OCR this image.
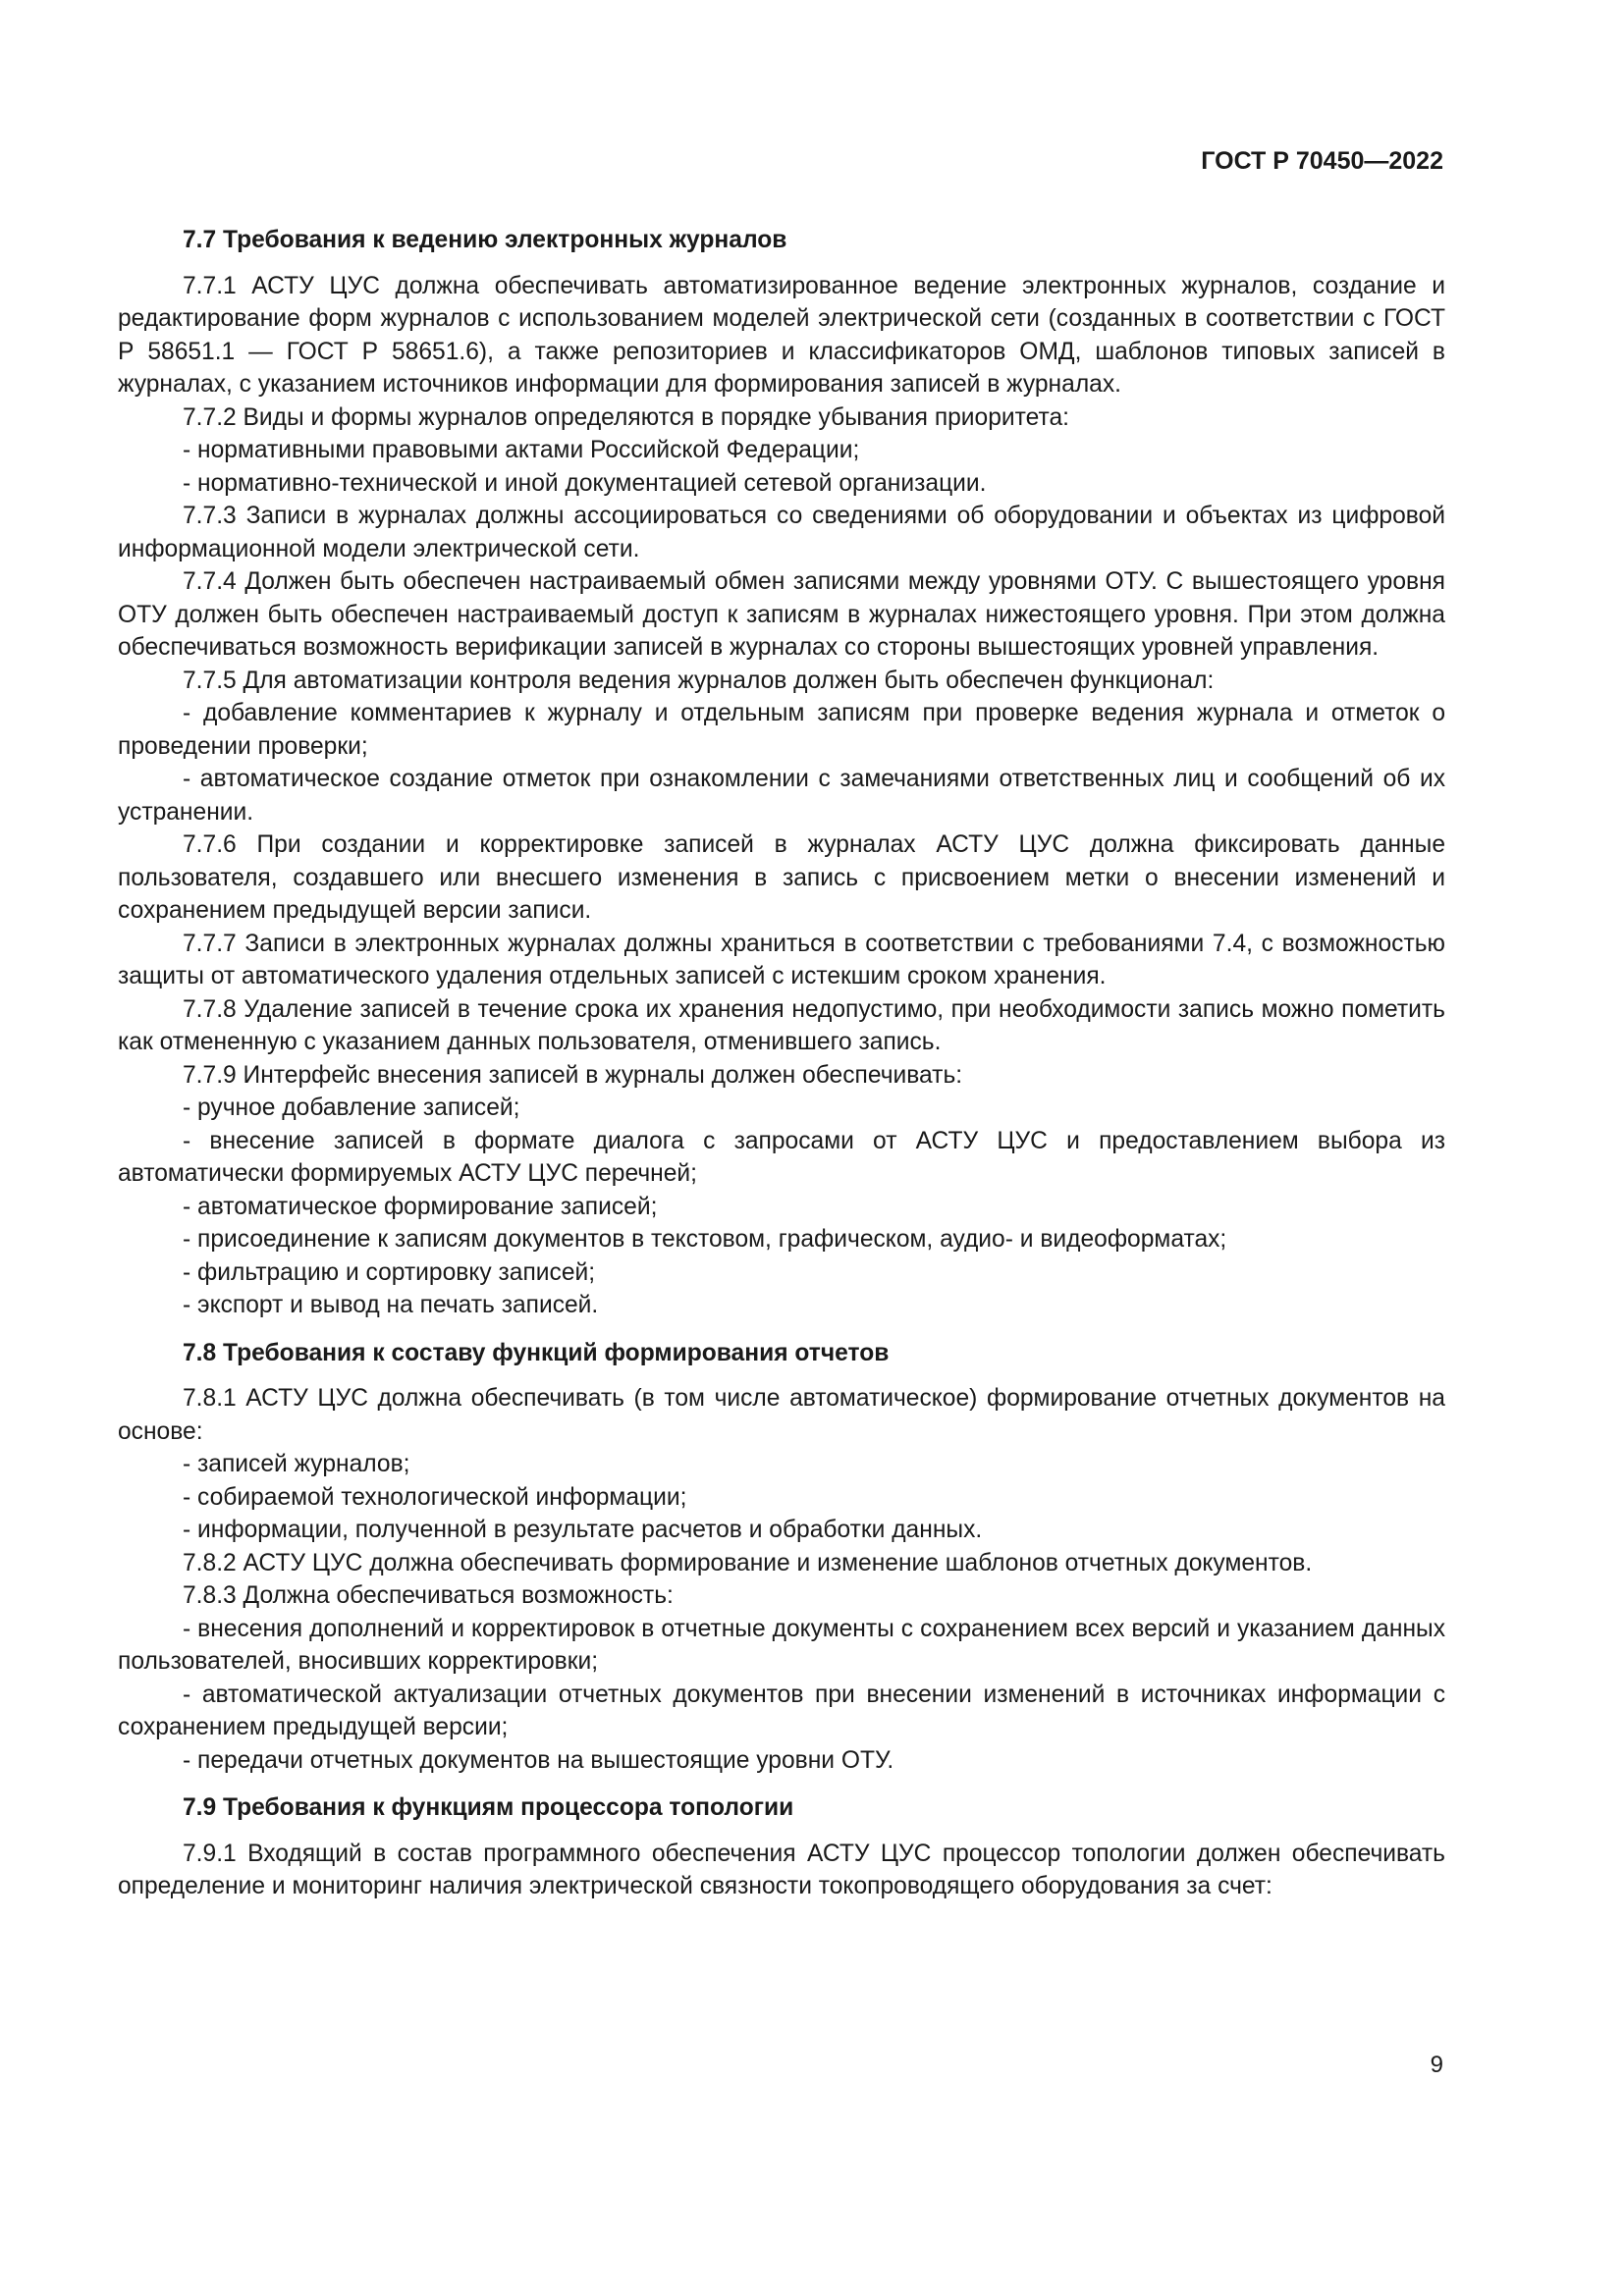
ГОСТ Р 70450—2022
7.7 Требования к ведению электронных журналов

7.7.1 АСТУ ЦУС должна обеспечивать автоматизированное ведение электронных журналов, создание и редактирование форм журналов с использованием моделей электрической сети (созданных в соответствии с ГОСТ Р 58651.1 — ГОСТ Р 58651.6), а также репозиториев и классификаторов ОМД, шаблонов типовых записей в журналах, с указанием источников информации для формирования записей в журналах.

7.7.2 Виды и формы журналов определяются в порядке убывания приоритета:

- нормативными правовыми актами Российской Федерации;

- нормативно-технической и иной документацией сетевой организации.

7.7.3 Записи в журналах должны ассоциироваться со сведениями об оборудовании и объектах из цифровой информационной модели электрической сети.

7.7.4 Должен быть обеспечен настраиваемый обмен записями между уровнями ОТУ. С вышестоящего уровня ОТУ должен быть обеспечен настраиваемый доступ к записям в журналах нижестоящего уровня. При этом должна обеспечиваться возможность верификации записей в журналах со стороны вышестоящих уровней управления.

7.7.5 Для автоматизации контроля ведения журналов должен быть обеспечен функционал:

- добавление комментариев к журналу и отдельным записям при проверке ведения журнала и отметок о проведении проверки;

- автоматическое создание отметок при ознакомлении с замечаниями ответственных лиц и сообщений об их устранении.

7.7.6 При создании и корректировке записей в журналах АСТУ ЦУС должна фиксировать данные пользователя, создавшего или внесшего изменения в запись с присвоением метки о внесении изменений и сохранением предыдущей версии записи.

7.7.7 Записи в электронных журналах должны храниться в соответствии с требованиями 7.4, с возможностью защиты от автоматического удаления отдельных записей с истекшим сроком хранения.

7.7.8 Удаление записей в течение срока их хранения недопустимо, при необходимости запись можно пометить как отмененную с указанием данных пользователя, отменившего запись.

7.7.9 Интерфейс внесения записей в журналы должен обеспечивать:

- ручное добавление записей;

- внесение записей в формате диалога с запросами от АСТУ ЦУС и предоставлением выбора из автоматически формируемых АСТУ ЦУС перечней;

- автоматическое формирование записей;

- присоединение к записям документов в текстовом, графическом, аудио- и видеоформатах;

- фильтрацию и сортировку записей;

- экспорт и вывод на печать записей.

7.8 Требования к составу функций формирования отчетов

7.8.1 АСТУ ЦУС должна обеспечивать (в том числе автоматическое) формирование отчетных документов на основе:

- записей журналов;

- собираемой технологической информации;

- информации, полученной в результате расчетов и обработки данных.

7.8.2 АСТУ ЦУС должна обеспечивать формирование и изменение шаблонов отчетных документов.

7.8.3 Должна обеспечиваться возможность:

- внесения дополнений и корректировок в отчетные документы с сохранением всех версий и указанием данных пользователей, вносивших корректировки;

- автоматической актуализации отчетных документов при внесении изменений в источниках информации с сохранением предыдущей версии;

- передачи отчетных документов на вышестоящие уровни ОТУ.

7.9 Требования к функциям процессора топологии

7.9.1 Входящий в состав программного обеспечения АСТУ ЦУС процессор топологии должен обеспечивать определение и мониторинг наличия электрической связности токопроводящего оборудования за счет:

9
